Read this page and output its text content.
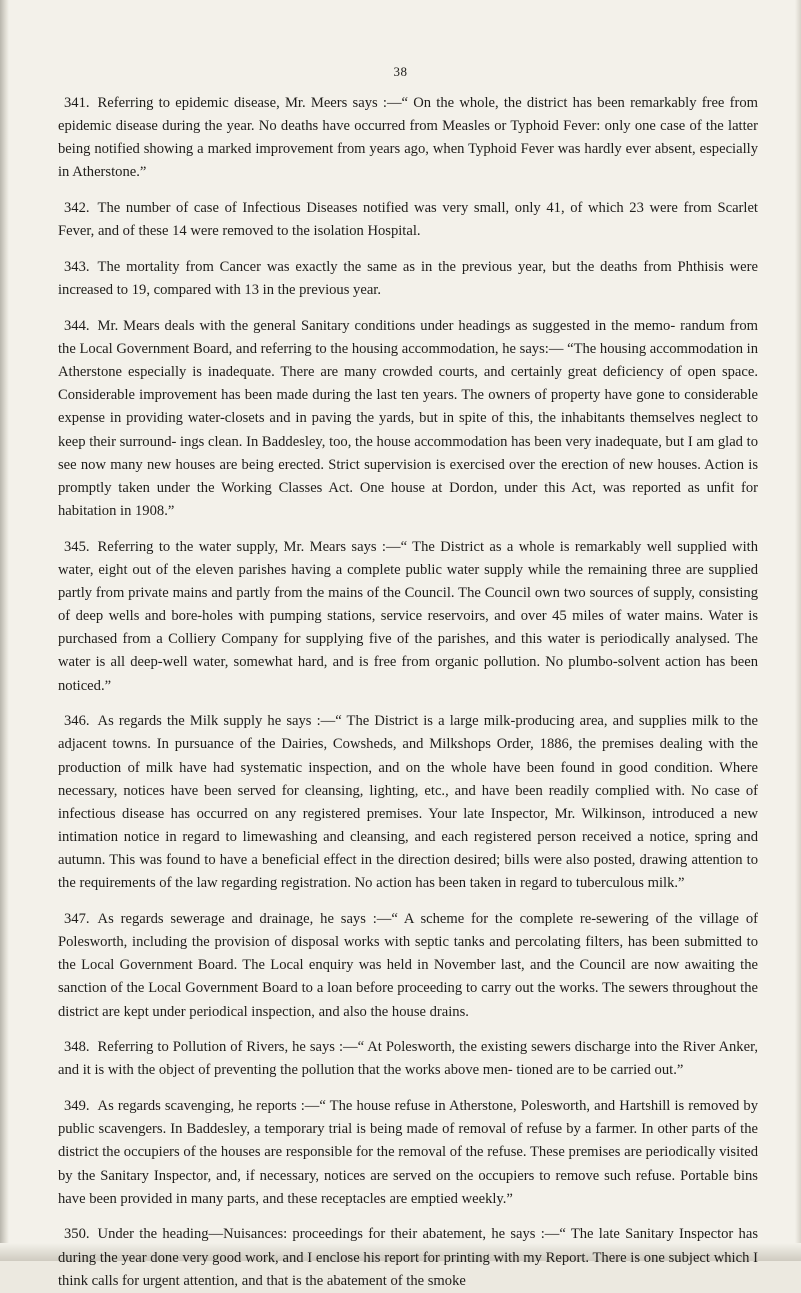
38

341. Referring to epidemic disease, Mr. Meers says :—“ On the whole, the district has been remarkably free from epidemic disease during the year. No deaths have occurred from Measles or Typhoid Fever: only one case of the latter being notified showing a marked improvement from years ago, when Typhoid Fever was hardly ever absent, especially in Atherstone.”

342. The number of case of Infectious Diseases notified was very small, only 41, of which 23 were from Scarlet Fever, and of these 14 were removed to the isolation Hospital.

343. The mortality from Cancer was exactly the same as in the previous year, but the deaths from Phthisis were increased to 19, compared with 13 in the previous year.

344. Mr. Mears deals with the general Sanitary conditions under headings as suggested in the memo- randum from the Local Government Board, and referring to the housing accommodation, he says:— “The housing accommodation in Atherstone especially is inadequate. There are many crowded courts, and certainly great deficiency of open space. Considerable improvement has been made during the last ten years. The owners of property have gone to considerable expense in providing water-closets and in paving the yards, but in spite of this, the inhabitants themselves neglect to keep their surround- ings clean. In Baddesley, too, the house accommodation has been very inadequate, but I am glad to see now many new houses are being erected. Strict supervision is exercised over the erection of new houses. Action is promptly taken under the Working Classes Act. One house at Dordon, under this Act, was reported as unfit for habitation in 1908.”

345. Referring to the water supply, Mr. Mears says :—“ The District as a whole is remarkably well supplied with water, eight out of the eleven parishes having a complete public water supply while the remaining three are supplied partly from private mains and partly from the mains of the Council. The Council own two sources of supply, consisting of deep wells and bore-holes with pumping stations, service reservoirs, and over 45 miles of water mains. Water is purchased from a Colliery Company for supplying five of the parishes, and this water is periodically analysed. The water is all deep-well water, somewhat hard, and is free from organic pollution. No plumbo-solvent action has been noticed.”

346. As regards the Milk supply he says :—“ The District is a large milk-producing area, and supplies milk to the adjacent towns. In pursuance of the Dairies, Cowsheds, and Milkshops Order, 1886, the premises dealing with the production of milk have had systematic inspection, and on the whole have been found in good condition. Where necessary, notices have been served for cleansing, lighting, etc., and have been readily complied with. No case of infectious disease has occurred on any registered premises. Your late Inspector, Mr. Wilkinson, introduced a new intimation notice in regard to limewashing and cleansing, and each registered person received a notice, spring and autumn. This was found to have a beneficial effect in the direction desired; bills were also posted, drawing attention to the requirements of the law regarding registration. No action has been taken in regard to tuberculous milk.”

347. As regards sewerage and drainage, he says :—“ A scheme for the complete re-sewering of the village of Polesworth, including the provision of disposal works with septic tanks and percolating filters, has been submitted to the Local Government Board. The Local enquiry was held in November last, and the Council are now awaiting the sanction of the Local Government Board to a loan before proceeding to carry out the works. The sewers throughout the district are kept under periodical inspection, and also the house drains.

348. Referring to Pollution of Rivers, he says :—“ At Polesworth, the existing sewers discharge into the River Anker, and it is with the object of preventing the pollution that the works above men- tioned are to be carried out.”

349. As regards scavenging, he reports :—“ The house refuse in Atherstone, Polesworth, and Hartshill is removed by public scavengers. In Baddesley, a temporary trial is being made of removal of refuse by a farmer. In other parts of the district the occupiers of the houses are responsible for the removal of the refuse. These premises are periodically visited by the Sanitary Inspector, and, if necessary, notices are served on the occupiers to remove such refuse. Portable bins have been provided in many parts, and these receptacles are emptied weekly.”

350. Under the heading—Nuisances: proceedings for their abatement, he says :—“ The late Sanitary Inspector has during the year done very good work, and I enclose his report for printing with my Report. There is one subject which I think calls for urgent attention, and that is the abatement of the smoke
